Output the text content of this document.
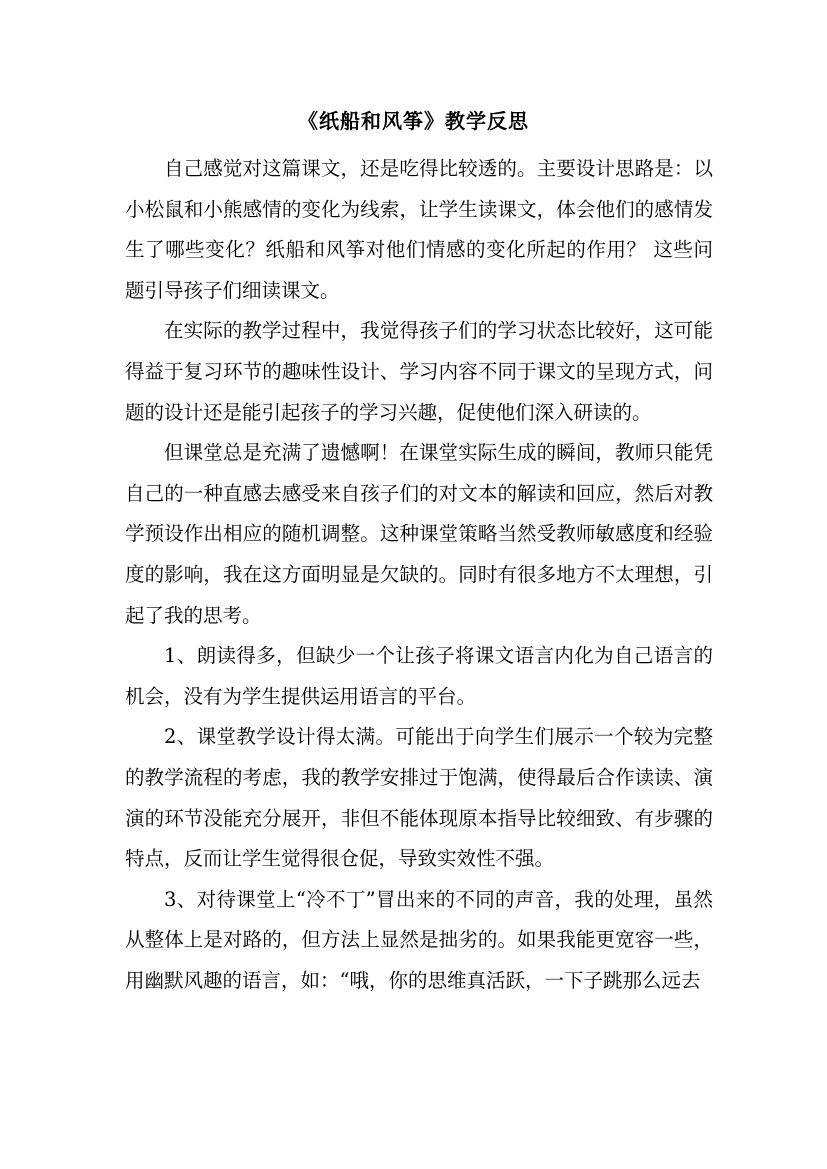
《纸船和风筝》教学反思

自己感觉对这篇课文，还是吃得比较透的。主要设计思路是：以小松鼠和小熊感情的变化为线索，让学生读课文，体会他们的感情发生了哪些变化？纸船和风筝对他们情感的变化所起的作用？ 这些问题引导孩子们细读课文。

在实际的教学过程中，我觉得孩子们的学习状态比较好，这可能得益于复习环节的趣味性设计、学习内容不同于课文的呈现方式，问题的设计还是能引起孩子的学习兴趣，促使他们深入研读的。

但课堂总是充满了遗憾啊！在课堂实际生成的瞬间，教师只能凭自己的一种直感去感受来自孩子们的对文本的解读和回应，然后对教学预设作出相应的随机调整。这种课堂策略当然受教师敏感度和经验度的影响，我在这方面明显是欠缺的。同时有很多地方不太理想，引起了我的思考。

1、朗读得多，但缺少一个让孩子将课文语言内化为自己语言的机会，没有为学生提供运用语言的平台。

2、课堂教学设计得太满。可能出于向学生们展示一个较为完整的教学流程的考虑，我的教学安排过于饱满，使得最后合作读读、演演的环节没能充分展开，非但不能体现原本指导比较细致、有步骤的特点，反而让学生觉得很仓促，导致实效性不强。

3、对待课堂上“冷不丁”冒出来的不同的声音，我的处理，虽然从整体上是对路的，但方法上显然是拙劣的。如果我能更宽容一些，用幽默风趣的语言，如：“哦，你的思维真活跃，一下子跳那么远去
